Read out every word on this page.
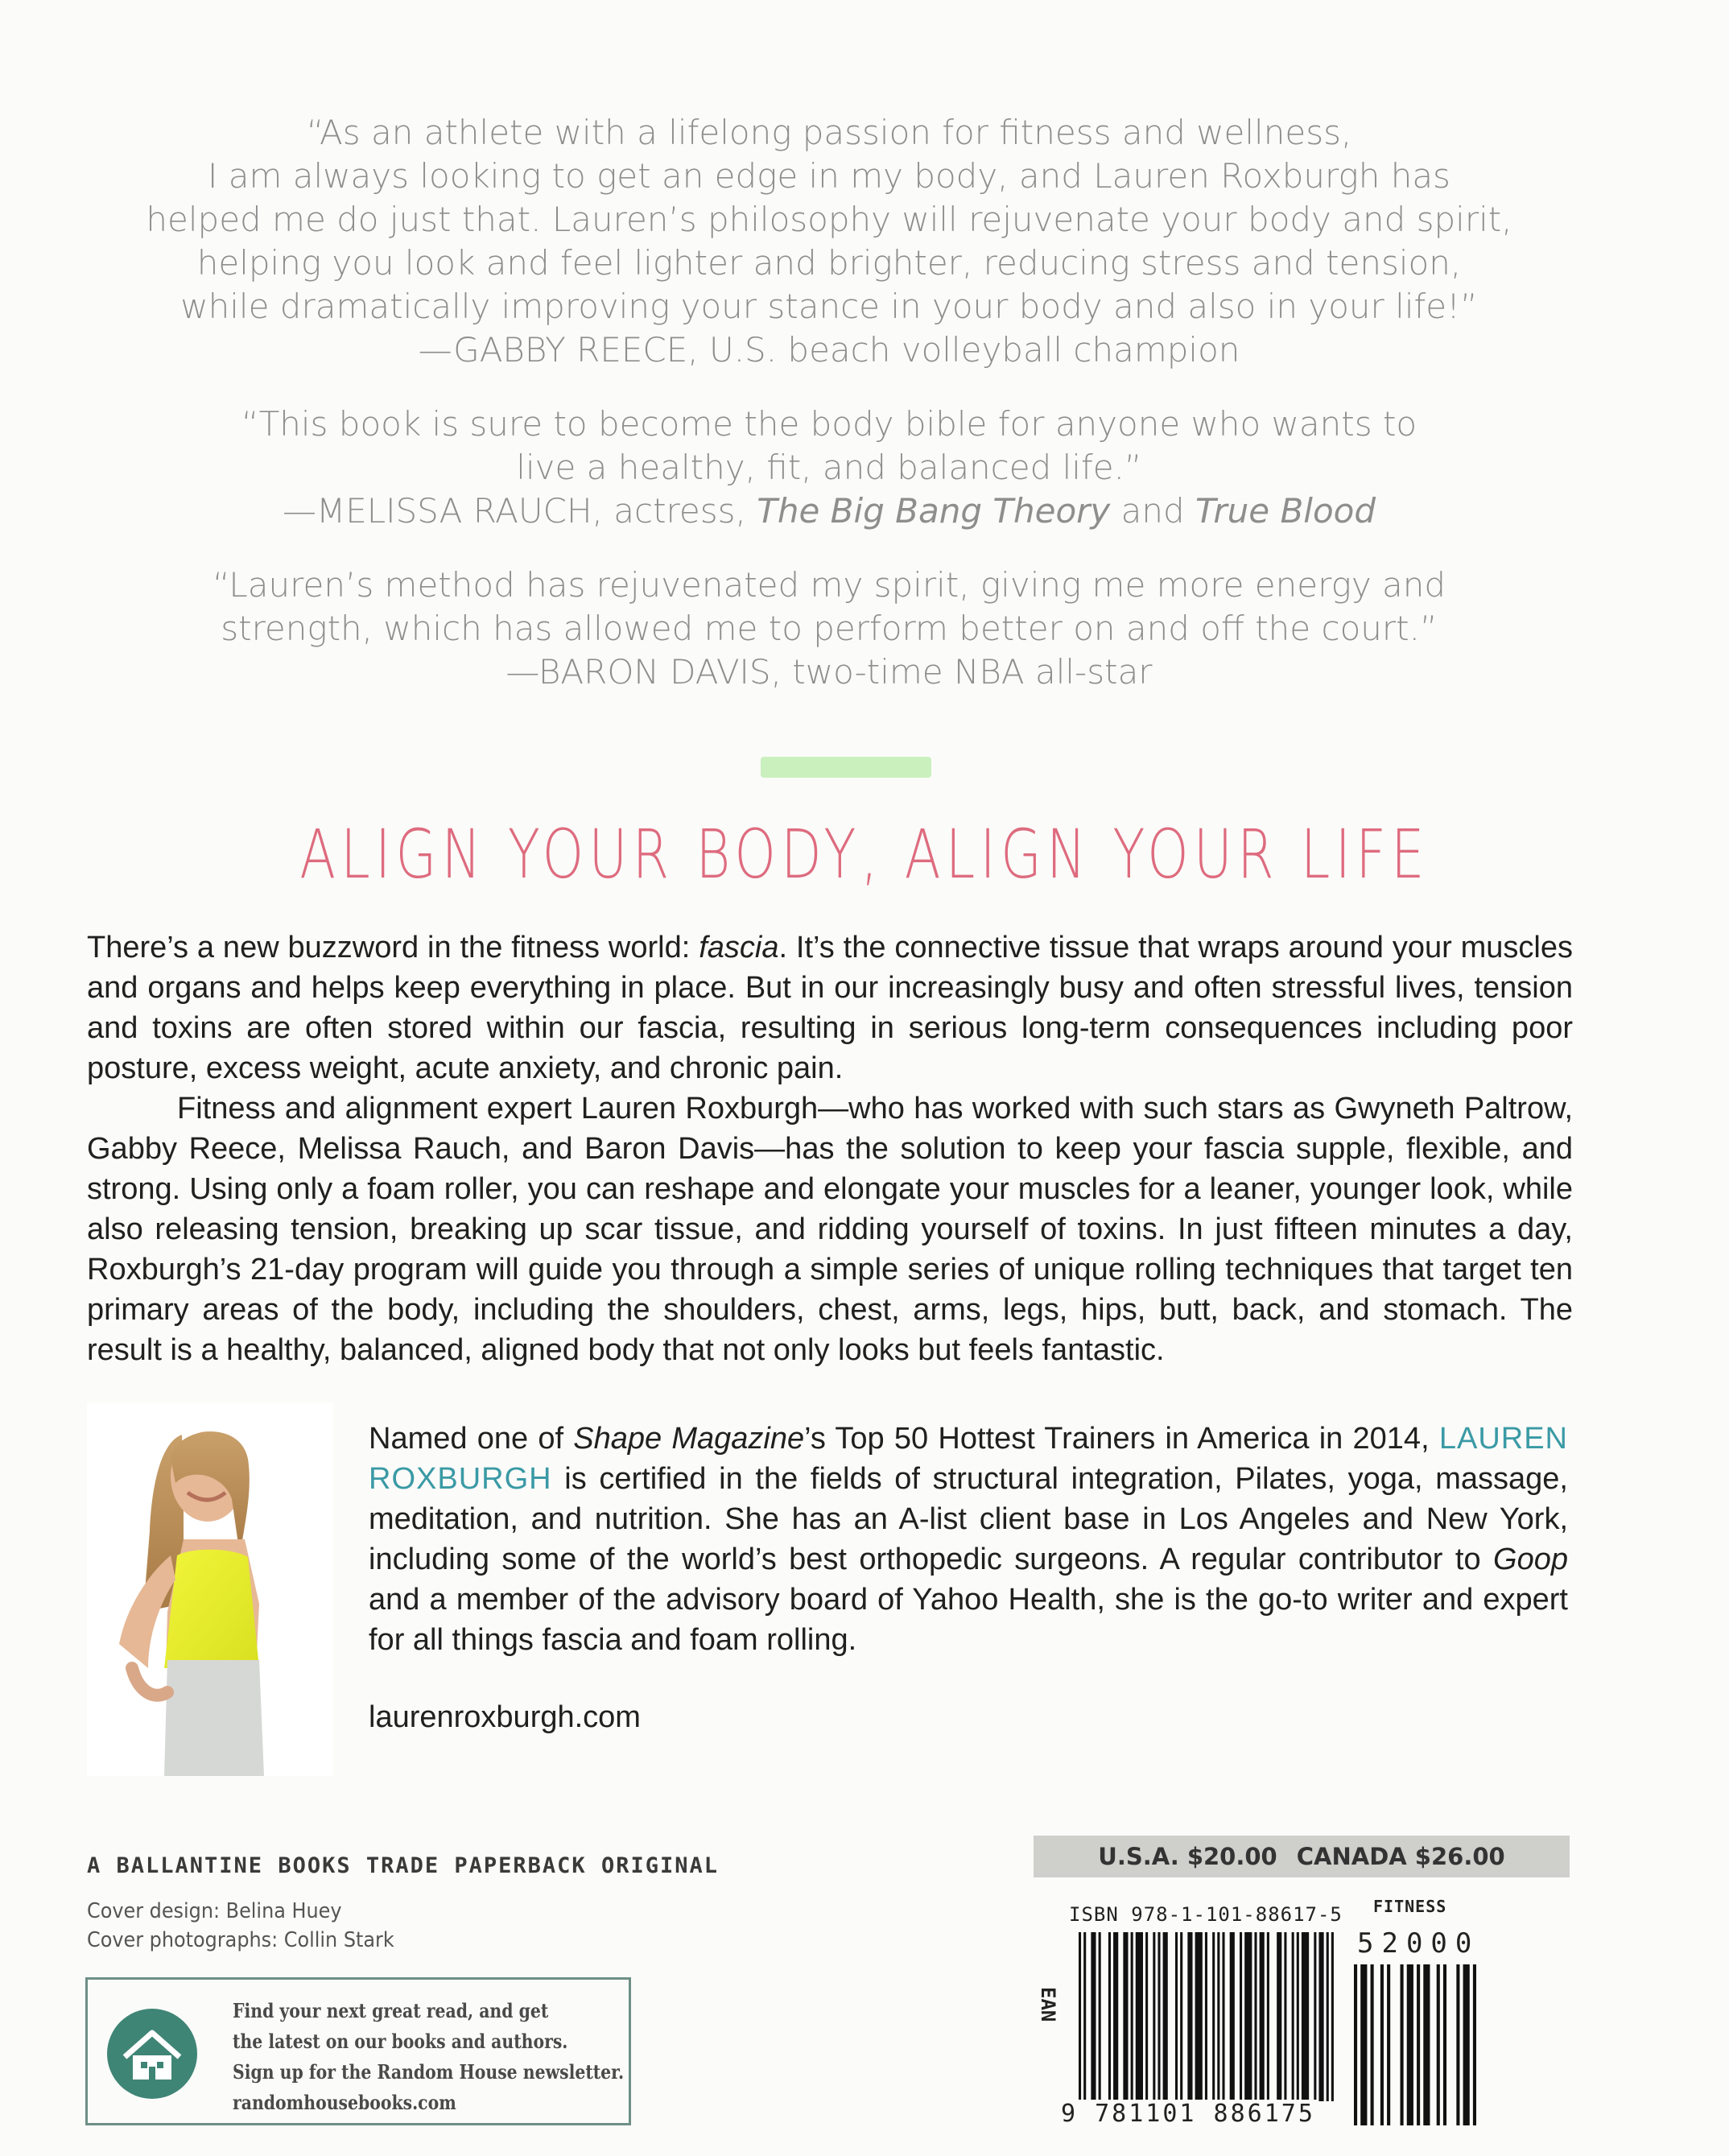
“As an athlete with a lifelong passion for fitness and wellness,

I am always looking to get an edge in my body, and Lauren Roxburgh has

helped me do just that. Lauren’s philosophy will rejuvenate your body and spirit,

helping you look and feel lighter and brighter, reducing stress and tension,

while dramatically improving your stance in your body and also in your life!”

—GABBY REECE, U.S. beach volleyball champion

“This book is sure to become the body bible for anyone who wants to

live a healthy, fit, and balanced life.”

—MELISSA RAUCH, actress, The Big Bang Theory and True Blood

“Lauren’s method has rejuvenated my spirit, giving me more energy and

strength, which has allowed me to perform better on and off the court.”

—BARON DAVIS, two-time NBA all-star

ALIGN YOUR BODY, ALIGN YOUR LIFE

There’s a new buzzword in the fitness world: fascia. It’s the connective tissue that wraps around your muscles and organs and helps keep everything in place. But in our increasingly busy and often stressful lives, tension and toxins are often stored within our fascia, resulting in serious long-term consequences including poor posture, excess weight, acute anxiety, and chronic pain.

Fitness and alignment expert Lauren Roxburgh—who has worked with such stars as Gwyneth Paltrow, Gabby Reece, Melissa Rauch, and Baron Davis—has the solution to keep your fascia supple, flexible, and strong. Using only a foam roller, you can reshape and elongate your muscles for a leaner, younger look, while also releasing tension, breaking up scar tissue, and ridding yourself of toxins. In just fifteen minutes a day, Roxburgh’s 21-day program will guide you through a simple series of unique rolling techniques that target ten primary areas of the body, including the shoulders, chest, arms, legs, hips, butt, back, and stomach. The result is a healthy, balanced, aligned body that not only looks but feels fantastic.

Named one of Shape Magazine’s Top 50 Hottest Trainers in America in 2014, LAUREN ROXBURGH is certified in the fields of structural integration, Pilates, yoga, massage, meditation, and nutrition. She has an A-list client base in Los Angeles and New York, including some of the world’s best orthopedic surgeons. A regular contributor to Goop and a member of the advisory board of Yahoo Health, she is the go-to writer and expert for all things fascia and foam rolling.

laurenroxburgh.com
A BALLANTINE BOOKS TRADE PAPERBACK ORIGINAL
Cover design: Belina Huey
Cover photographs: Collin Stark
Find your next great read, and get
the latest on our books and authors.
Sign up for the Random House newsletter.
randomhousebooks.com
U.S.A. $20.00 CANADA $26.00
ISBN 978-1-101-88617-5 FITNESS
52000
EAN
9 781101 886175
